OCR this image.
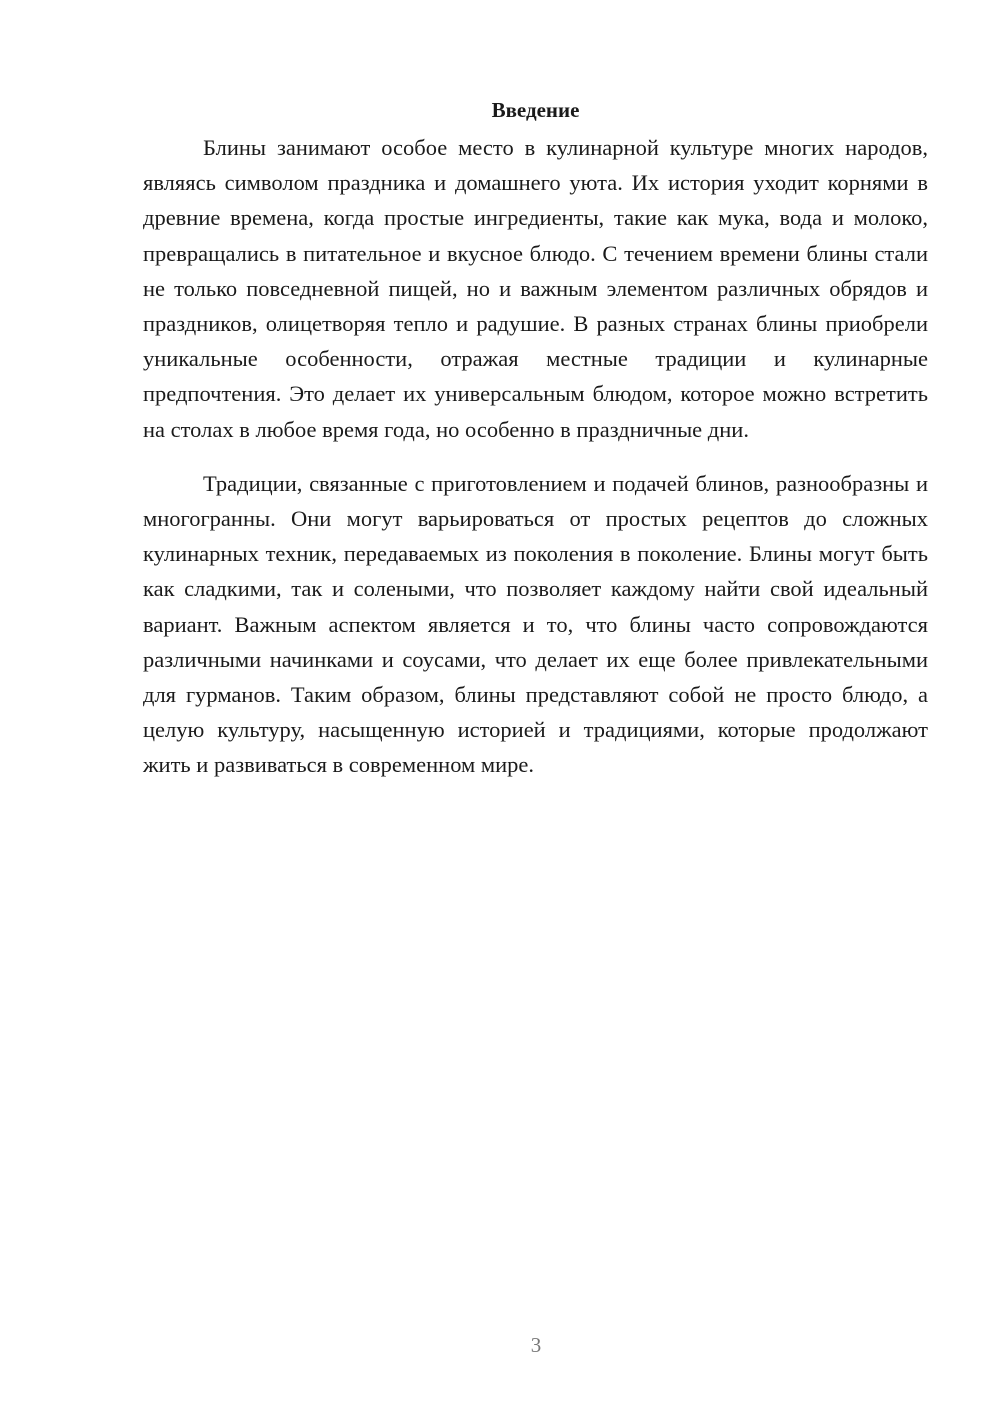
Введение

Блины занимают особое место в кулинарной культуре многих народов, являясь символом праздника и домашнего уюта. Их история уходит корнями в древние времена, когда простые ингредиенты, такие как мука, вода и молоко, превращались в питательное и вкусное блюдо. С течением времени блины стали не только повседневной пищей, но и важным элементом различных обрядов и праздников, олицетворяя тепло и радушие. В разных странах блины приобрели уникальные особенности, отражая местные традиции и кулинарные предпочтения. Это делает их универсальным блюдом, которое можно встретить на столах в любое время года, но особенно в праздничные дни.

Традиции, связанные с приготовлением и подачей блинов, разнообразны и многогранны. Они могут варьироваться от простых рецептов до сложных кулинарных техник, передаваемых из поколения в поколение. Блины могут быть как сладкими, так и солеными, что позволяет каждому найти свой идеальный вариант. Важным аспектом является и то, что блины часто сопровождаются различными начинками и соусами, что делает их еще более привлекательными для гурманов. Таким образом, блины представляют собой не просто блюдо, а целую культуру, насыщенную историей и традициями, которые продолжают жить и развиваться в современном мире.

3
